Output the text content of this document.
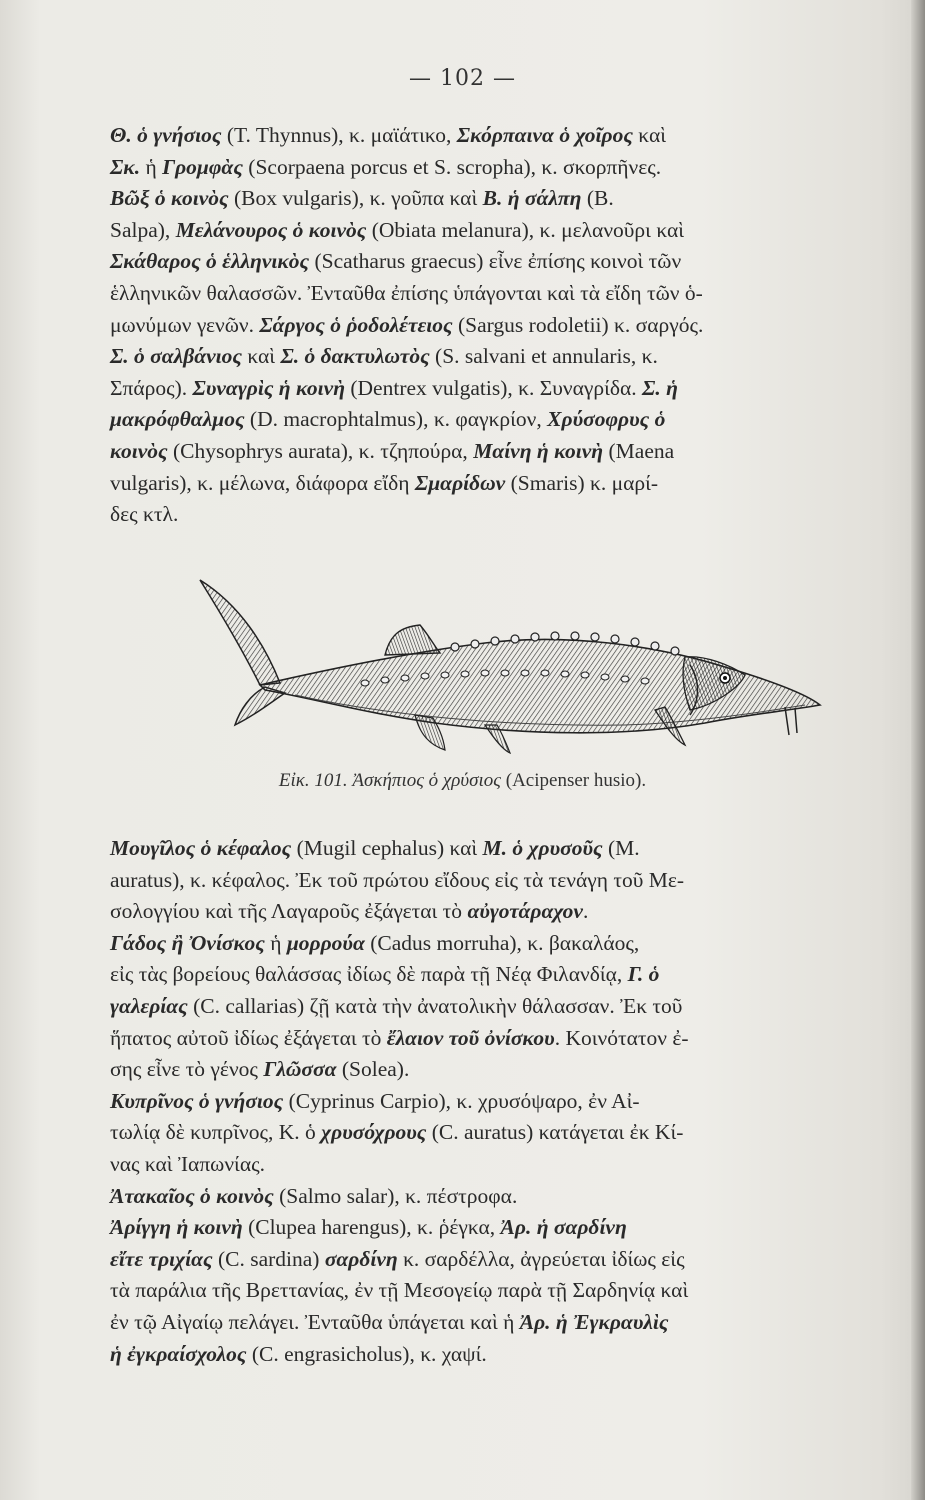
— 102 —
Θ. ὁ γνήσιος (T. Thynnus), κ. μαϊάτικο, Σκόρπαινα ὁ χοῖρος καὶ
Σκ. ἡ Γρομφὰς (Scorpaena porcus et S. scropha), κ. σκορπῆνες.
Βῶξ ὁ κοινὸς (Box vulgaris), κ. γοῦπα καὶ B. ἡ σάλπη (B.
Salpa), Μελάνουρος ὁ κοινὸς (Obiata melanura), κ. μελανοῦρι καὶ
Σκάθαρος ὁ ἑλληνικὸς (Scatharus graecus) εἶνε ἐπίσης κοινοὶ τῶν
ἑλληνικῶν θαλασσῶν. Ἐνταῦθα ἐπίσης ὑπάγονται καὶ τὰ εἴδη τῶν ὁ-
μωνύμων γενῶν. Σάργος ὁ ῥοδολέτειος (Sargus rodoletii) κ. σαργός.
Σ. ὁ σαλβάνιος καὶ Σ. ὁ δακτυλωτὸς (S. salvani et annularis, κ.
Σπάρος). Συναγρὶς ἡ κοινὴ (Dentrex vulgatis), κ. Συναγρίδα. Σ. ἡ
μακρόφθαλμος (D. macrophtalmus), κ. φαγκρίον, Χρύσοφρυς ὁ
κοινὸς (Chysophrys aurata), κ. τζηπούρα, Μαίνη ἡ κοινὴ (Maena
vulgaris), κ. μέλωνα, διάφορα εἴδη Σμαρίδων (Smaris) κ. μαρί-
δες κτλ.
Εἰκ. 101. Ἀσκήπιος ὁ χρύσιος (Acipenser husio).
Μουγῖλος ὁ κέφαλος (Mugil cephalus) καὶ M. ὁ χρυσοῦς (M.
auratus), κ. κέφαλος. Ἐκ τοῦ πρώτου εἴδους εἰς τὰ τενάγη τοῦ Με-
σολογγίου καὶ τῆς Λαγαροῦς ἐξάγεται τὸ αὐγοτάραχον.
Γάδος ἢ Ὀνίσκος ἡ μορρούα (Cadus morruha), κ. βακαλάος,
εἰς τὰς βορείους θαλάσσας ἰδίως δὲ παρὰ τῇ Νέᾳ Φιλανδίᾳ, Γ. ὁ
γαλερίας (C. callarias) ζῇ κατὰ τὴν ἀνατολικὴν θάλασσαν. Ἐκ τοῦ
ἥπατος αὐτοῦ ἰδίως ἐξάγεται τὸ ἔλαιον τοῦ ὀνίσκου. Κοινότατον ἐ-
σης εἶνε τὸ γένος Γλῶσσα (Solea).
Κυπρῖνος ὁ γνήσιος (Cyprinus Carpio), κ. χρυσόψαρο, ἐν Αἰ-
τωλίᾳ δὲ κυπρῖνος, Κ. ὁ χρυσόχρους (C. auratus) κατάγεται ἐκ Κί-
νας καὶ Ἰαπωνίας.
Ἀτακαῖος ὁ κοινὸς (Salmo salar), κ. πέστροφα.
Ἀρίγγη ἡ κοινὴ (Clupea harengus), κ. ῥέγκα, Ἀρ. ἡ σαρδίνη
εἴτε τριχίας (C. sardina) σαρδίνη κ. σαρδέλλα, ἀγρεύεται ἰδίως εἰς
τὰ παράλια τῆς Βρεττανίας, ἐν τῇ Μεσογείῳ παρὰ τῇ Σαρδηνίᾳ καὶ
ἐν τῷ Αἰγαίῳ πελάγει. Ἐνταῦθα ὑπάγεται καὶ ἡ Ἀρ. ἡ Ἐγκραυλὶς
ἡ ἐγκραίσχολος (C. engrasicholus), κ. χαψί.
